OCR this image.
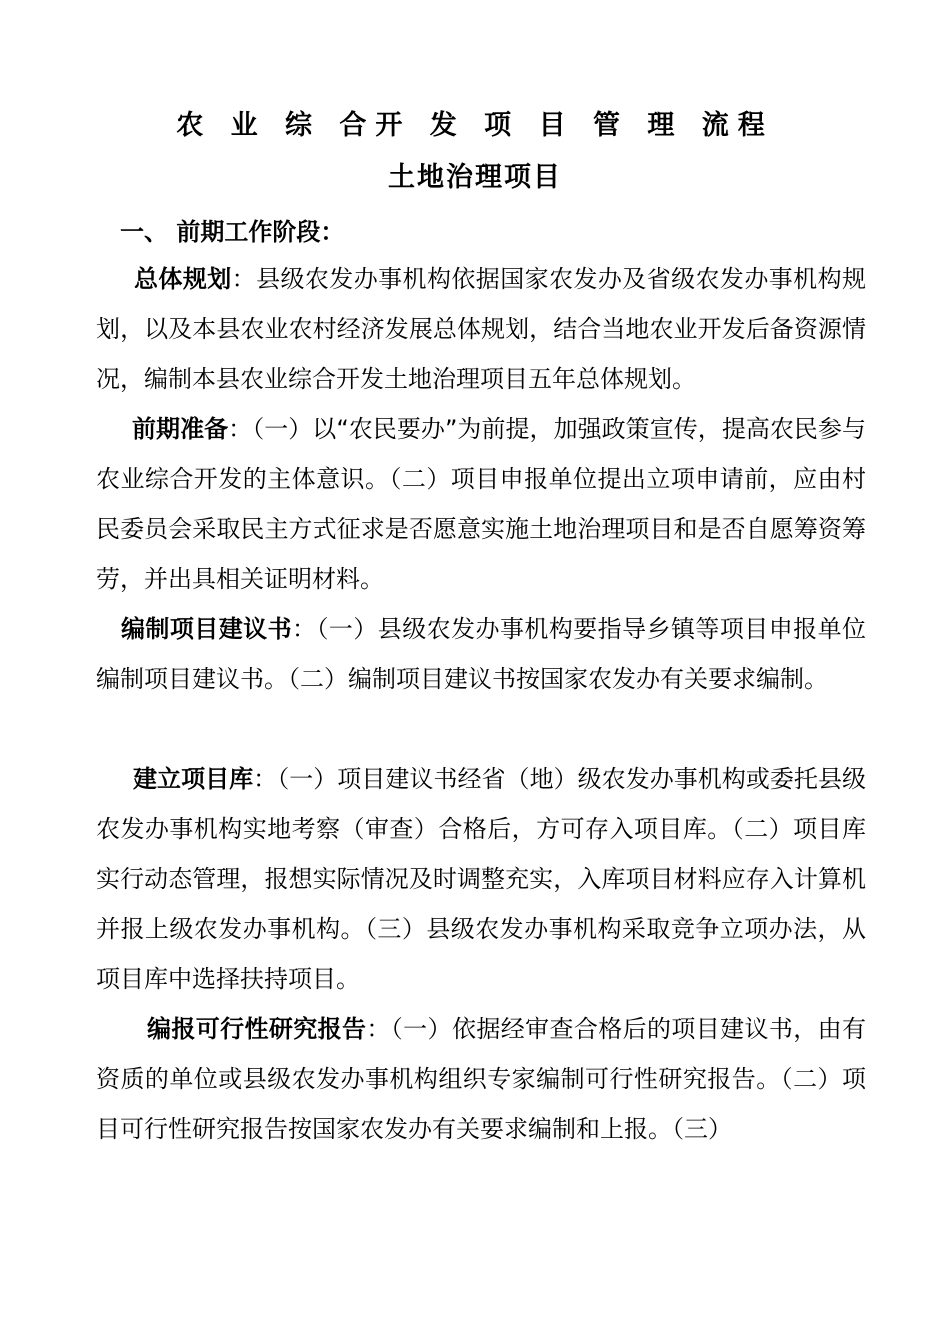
农 业 综 合开 发 项 目 管 理 流程
土地治理项目
一、 前期工作阶段：

总体规划：县级农发办事机构依据国家农发办及省级农发办事机构规划，以及本县农业农村经济发展总体规划，结合当地农业开发后备资源情况，编制本县农业综合开发土地治理项目五年总体规划。

前期准备：（一）以“农民要办”为前提，加强政策宣传，提高农民参与农业综合开发的主体意识。（二）项目申报单位提出立项申请前，应由村民委员会采取民主方式征求是否愿意实施土地治理项目和是否自愿筹资筹劳，并出具相关证明材料。

编制项目建议书：（一）县级农发办事机构要指导乡镇等项目申报单位编制项目建议书。（二）编制项目建议书按国家农发办有关要求编制。

建立项目库：（一）项目建议书经省（地）级农发办事机构或委托县级农发办事机构实地考察（审查）合格后，方可存入项目库。（二）项目库实行动态管理，报想实际情况及时调整充实，入库项目材料应存入计算机并报上级农发办事机构。（三）县级农发办事机构采取竞争立项办法，从项目库中选择扶持项目。

编报可行性研究报告：（一）依据经审查合格后的项目建议书，由有资质的单位或县级农发办事机构组织专家编制可行性研究报告。（二）项目可行性研究报告按国家农发办有关要求编制和上报。（三）
